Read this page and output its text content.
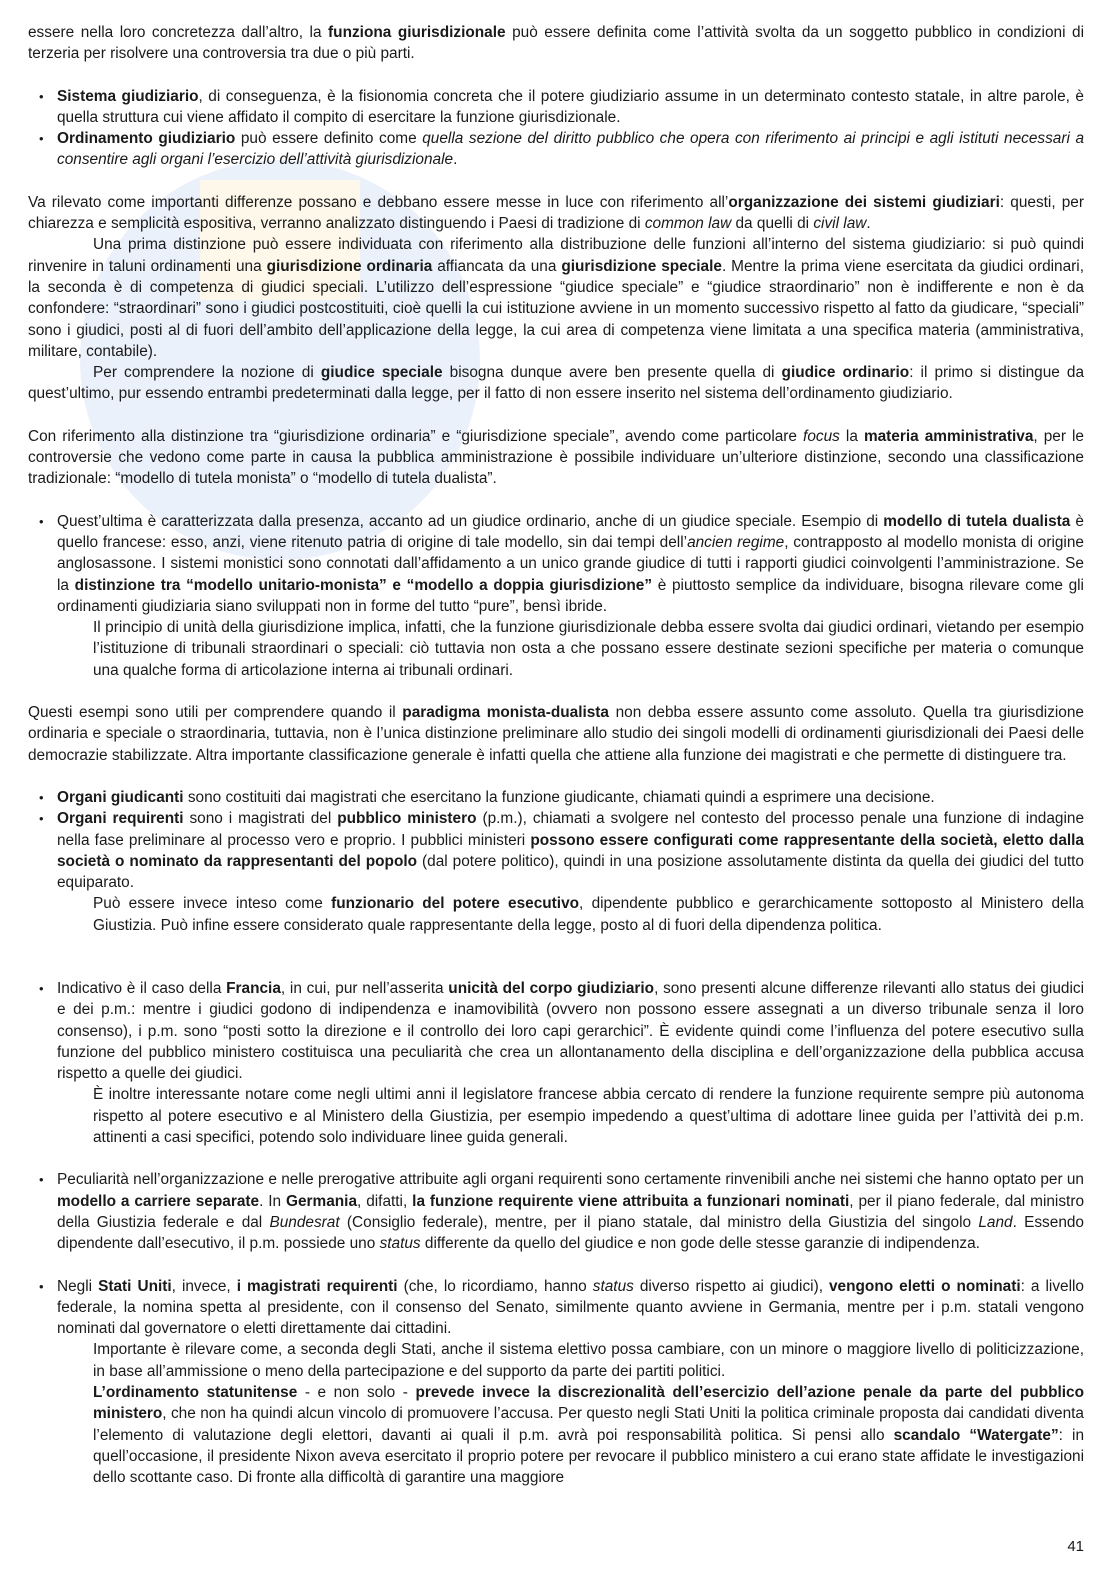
essere nella loro concretezza dall’altro, la funziona giurisdizionale può essere definita come l’attività svolta da un soggetto pubblico in condizioni di terzeria per risolvere una controversia tra due o più parti.

• Sistema giudiziario, di conseguenza, è la fisionomia concreta che il potere giudiziario assume in un determinato contesto statale, in altre parole, è quella struttura cui viene affidato il compito di esercitare la funzione giurisdizionale.
• Ordinamento giudiziario può essere definito come quella sezione del diritto pubblico che opera con riferimento ai principi e agli istituti necessari a consentire agli organi l’esercizio dell’attività giurisdizionale.

Va rilevato come importanti differenze possano e debbano essere messe in luce con riferimento all’organizzazione dei sistemi giudiziari: questi, per chiarezza e semplicità espositiva, verranno analizzato distinguendo i Paesi di tradizione di common law da quelli di civil law.

Una prima distinzione può essere individuata con riferimento alla distribuzione delle funzioni all’interno del sistema giudiziario: si può quindi rinvenire in taluni ordinamenti una giurisdizione ordinaria affiancata da una giurisdizione speciale. Mentre la prima viene esercitata da giudici ordinari, la seconda è di competenza di giudici speciali. L’utilizzo dell’espressione “giudice speciale” e “giudice straordinario” non è indifferente e non è da confondere: “straordinari” sono i giudici postcostituiti, cioè quelli la cui istituzione avviene in un momento successivo rispetto al fatto da giudicare, “speciali” sono i giudici, posti al di fuori dell’ambito dell’applicazione della legge, la cui area di competenza viene limitata a una specifica materia (amministrativa, militare, contabile).

Per comprendere la nozione di giudice speciale bisogna dunque avere ben presente quella di giudice ordinario: il primo si distingue da quest’ultimo, pur essendo entrambi predeterminati dalla legge, per il fatto di non essere inserito nel sistema dell’ordinamento giudiziario.

Con riferimento alla distinzione tra “giurisdizione ordinaria” e “giurisdizione speciale”, avendo come particolare focus la materia amministrativa, per le controversie che vedono come parte in causa la pubblica amministrazione è possibile individuare un’ulteriore distinzione, secondo una classificazione tradizionale: “modello di tutela monista” o “modello di tutela dualista”.

• Quest’ultima è caratterizzata dalla presenza, accanto ad un giudice ordinario, anche di un giudice speciale. Esempio di modello di tutela dualista è quello francese: esso, anzi, viene ritenuto patria di origine di tale modello, sin dai tempi dell’ancien regime, contrapposto al modello monista di origine anglosassone. I sistemi monistici sono connotati dall’affidamento a un unico grande giudice di tutti i rapporti giudici coinvolgenti l’amministrazione. Se la distinzione tra “modello unitario-monista” e “modello a doppia giurisdizione” è piuttosto semplice da individuare, bisogna rilevare come gli ordinamenti giudiziaria siano sviluppati non in forme del tutto “pure”, bensì ibride.

Il principio di unità della giurisdizione implica, infatti, che la funzione giurisdizionale debba essere svolta dai giudici ordinari, vietando per esempio l’istituzione di tribunali straordinari o speciali: ciò tuttavia non osta a che possano essere destinate sezioni specifiche per materia o comunque una qualche forma di articolazione interna ai tribunali ordinari.

Questi esempi sono utili per comprendere quando il paradigma monista-dualista non debba essere assunto come assoluto. Quella tra giurisdizione ordinaria e speciale o straordinaria, tuttavia, non è l’unica distinzione preliminare allo studio dei singoli modelli di ordinamenti giurisdizionali dei Paesi delle democrazie stabilizzate. Altra importante classificazione generale è infatti quella che attiene alla funzione dei magistrati e che permette di distinguere tra.

• Organi giudicanti sono costituiti dai magistrati che esercitano la funzione giudicante, chiamati quindi a esprimere una decisione.
• Organi requirenti sono i magistrati del pubblico ministero (p.m.), chiamati a svolgere nel contesto del processo penale una funzione di indagine nella fase preliminare al processo vero e proprio. I pubblici ministeri possono essere configurati come rappresentante della società, eletto dalla società o nominato da rappresentanti del popolo (dal potere politico), quindi in una posizione assolutamente distinta da quella dei giudici del tutto equiparato.

Può essere invece inteso come funzionario del potere esecutivo, dipendente pubblico e gerarchicamente sottoposto al Ministero della Giustizia. Può infine essere considerato quale rappresentante della legge, posto al di fuori della dipendenza politica.

• Indicativo è il caso della Francia, in cui, pur nell’asserita unicità del corpo giudiziario, sono presenti alcune differenze rilevanti allo status dei giudici e dei p.m.: mentre i giudici godono di indipendenza e inamovibilità (ovvero non possono essere assegnati a un diverso tribunale senza il loro consenso), i p.m. sono “posti sotto la direzione e il controllo dei loro capi gerarchici”. È evidente quindi come l’influenza del potere esecutivo sulla funzione del pubblico ministero costituisca una peculiarità che crea un allontanamento della disciplina e dell’organizzazione della pubblica accusa rispetto a quelle dei giudici.

È inoltre interessante notare come negli ultimi anni il legislatore francese abbia cercato di rendere la funzione requirente sempre più autonoma rispetto al potere esecutivo e al Ministero della Giustizia, per esempio impedendo a quest’ultima di adottare linee guida per l’attività dei p.m. attinenti a casi specifici, potendo solo individuare linee guida generali.

• Peculiarità nell’organizzazione e nelle prerogative attribuite agli organi requirenti sono certamente rinvenibili anche nei sistemi che hanno optato per un modello a carriere separate. In Germania, difatti, la funzione requirente viene attribuita a funzionari nominati, per il piano federale, dal ministro della Giustizia federale e dal Bundesrat (Consiglio federale), mentre, per il piano statale, dal ministro della Giustizia del singolo Land. Essendo dipendente dall’esecutivo, il p.m. possiede uno status differente da quello del giudice e non gode delle stesse garanzie di indipendenza.
• Negli Stati Uniti, invece, i magistrati requirenti (che, lo ricordiamo, hanno status diverso rispetto ai giudici), vengono eletti o nominati: a livello federale, la nomina spetta al presidente, con il consenso del Senato, similmente quanto avviene in Germania, mentre per i p.m. statali vengono nominati dal governatore o eletti direttamente dai cittadini.

Importante è rilevare come, a seconda degli Stati, anche il sistema elettivo possa cambiare, con un minore o maggiore livello di politicizzazione, in base all’ammissione o meno della partecipazione e del supporto da parte dei partiti politici.

L’ordinamento statunitense - e non solo - prevede invece la discrezionalità dell’esercizio dell’azione penale da parte del pubblico ministero, che non ha quindi alcun vincolo di promuovere l’accusa. Per questo negli Stati Uniti la politica criminale proposta dai candidati diventa l’elemento di valutazione degli elettori, davanti ai quali il p.m. avrà poi responsabilità politica. Si pensi allo scandalo “Watergate”: in quell’occasione, il presidente Nixon aveva esercitato il proprio potere per revocare il pubblico ministero a cui erano state affidate le investigazioni dello scottante caso. Di fronte alla difficoltà di garantire una maggiore

41
